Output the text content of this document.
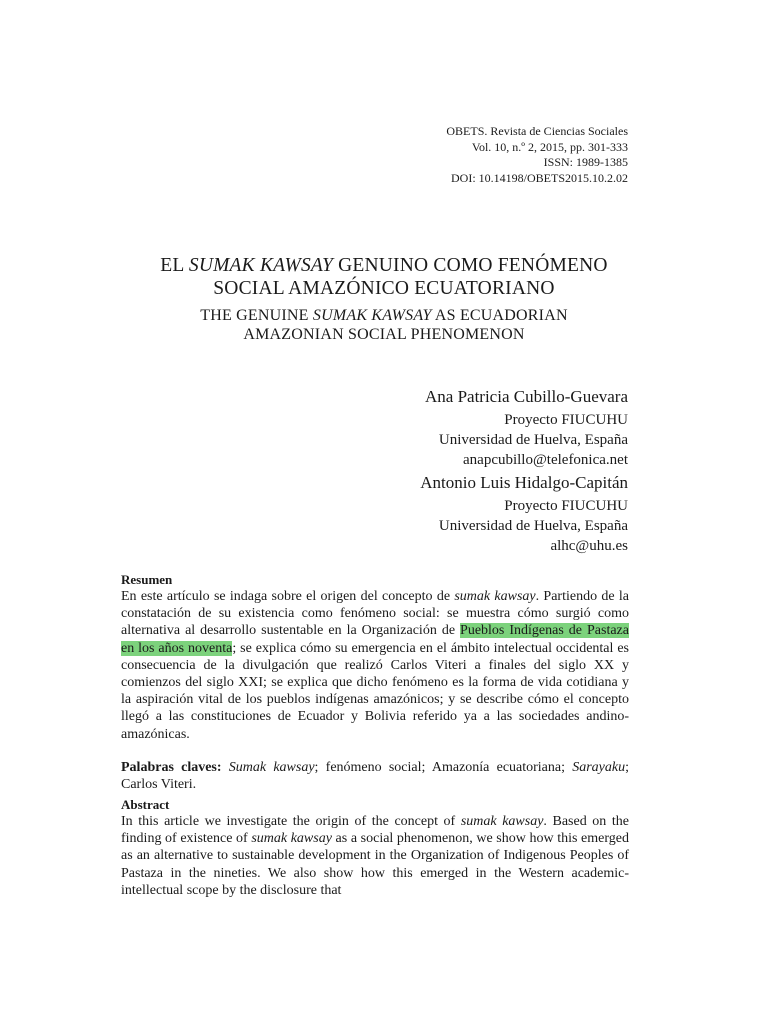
OBETS. Revista de Ciencias Sociales
Vol. 10, n.º 2, 2015, pp. 301-333
ISSN: 1989-1385
DOI: 10.14198/OBETS2015.10.2.02
EL SUMAK KAWSAY GENUINO COMO FENÓMENO
SOCIAL AMAZÓNICO ECUATORIANO
THE GENUINE SUMAK KAWSAY AS ECUADORIAN
AMAZONIAN SOCIAL PHENOMENON
Ana Patricia Cubillo-Guevara
Proyecto FIUCUHU
Universidad de Huelva, España
anapcubillo@telefonica.net
Antonio Luis Hidalgo-Capitán
Proyecto FIUCUHU
Universidad de Huelva, España
alhc@uhu.es
Resumen

En este artículo se indaga sobre el origen del concepto de sumak kawsay. Partiendo de la constatación de su existencia como fenómeno social: se muestra cómo surgió como alternativa al desarrollo sustentable en la Organización de Pueblos Indígenas de Pastaza en los años noventa; se explica cómo su emergencia en el ámbito intelectual occidental es consecuencia de la divulgación que realizó Carlos Viteri a finales del siglo XX y comienzos del siglo XXI; se explica que dicho fenómeno es la forma de vida cotidiana y la aspiración vital de los pueblos indígenas amazónicos; y se describe cómo el concepto llegó a las constituciones de Ecuador y Bolivia referido ya a las sociedades andino-amazónicas.

Palabras claves: Sumak kawsay; fenómeno social; Amazonía ecuatoriana; Sarayaku; Carlos Viteri.

Abstract

In this article we investigate the origin of the concept of sumak kawsay. Based on the finding of existence of sumak kawsay as a social phenomenon, we show how this emerged as an alternative to sustainable development in the Organization of Indigenous Peoples of Pastaza in the nineties. We also show how this emerged in the Western academic-intellectual scope by the disclosure that
